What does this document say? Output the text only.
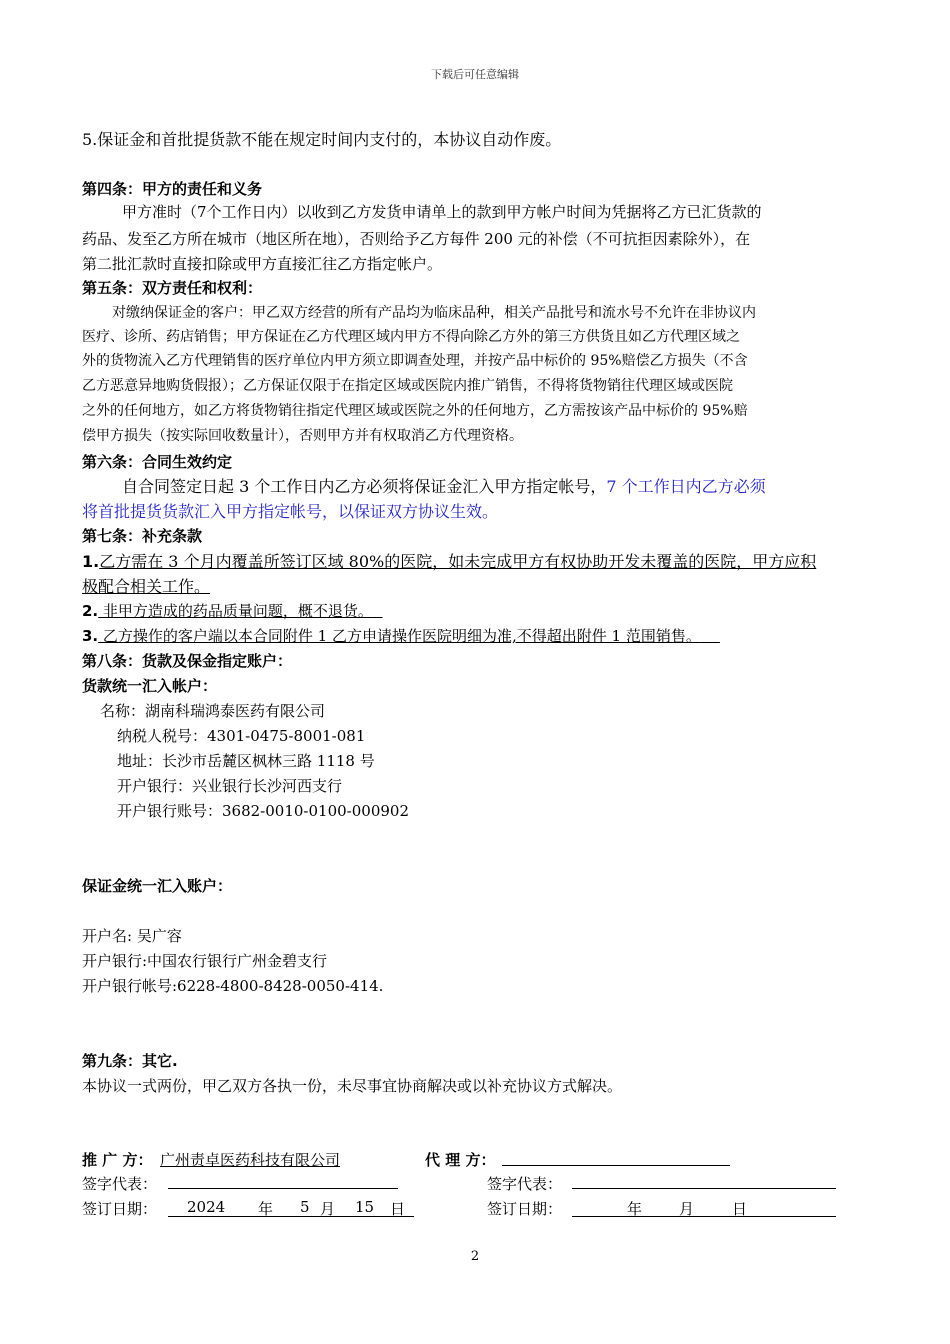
下载后可任意编辑
5.保证金和首批提货款不能在规定时间内支付的，本协议自动作废。
第四条：甲方的责任和义务
甲方准时（7个工作日内）以收到乙方发货申请单上的款到甲方帐户时间为凭据将乙方已汇货款的
药品、发至乙方所在城市（地区所在地），否则给予乙方每件 200 元的补偿（不可抗拒因素除外），在
第二批汇款时直接扣除或甲方直接汇往乙方指定帐户。
第五条：双方责任和权利：
对缴纳保证金的客户：甲乙双方经营的所有产品均为临床品种，相关产品批号和流水号不允许在非协议内
医疗、诊所、药店销售；甲方保证在乙方代理区域内甲方不得向除乙方外的第三方供货且如乙方代理区域之
外的货物流入乙方代理销售的医疗单位内甲方须立即调查处理，并按产品中标价的 95%赔偿乙方损失（不含
乙方恶意异地购货假报）；乙方保证仅限于在指定区域或医院内推广销售，不得将货物销往代理区域或医院
之外的任何地方，如乙方将货物销往指定代理区域或医院之外的任何地方，乙方需按该产品中标价的 95%赔
偿甲方损失（按实际回收数量计），否则甲方并有权取消乙方代理资格。
第六条：合同生效约定
自合同签定日起 3 个工作日内乙方必须将保证金汇入甲方指定帐号，7 个工作日内乙方必须
将首批提货货款汇入甲方指定帐号，以保证双方协议生效。
第七条：补充条款
1.乙方需在 3 个月内覆盖所签订区域 80%的医院，如未完成甲方有权协助开发未覆盖的医院，甲方应积
极配合相关工作。
2. 非甲方造成的药品质量问题，概不退货。
3. 乙方操作的客户端以本合同附件 1 乙方申请操作医院明细为准,不得超出附件 1 范围销售。
第八条：货款及保金指定账户：
货款统一汇入帐户：
名称：湖南科瑞鸿泰医药有限公司
纳税人税号：4301-0475-8001-081
地址：长沙市岳麓区枫林三路 1118 号
开户银行：兴业银行长沙河西支行
开户银行账号：3682-0010-0100-000902
保证金统一汇入账户：
开户名: 吴广容
开户银行:中国农行银行广州金碧支行
开户银行帐号:6228-4800-8428-0050-414.
第九条：其它.
本协议一式两份，甲乙双方各执一份，未尽事宜协商解决或以补充协议方式解决。
推 广 方： 广州责卓医药科技有限公司	代 理 方：
签字代表：	签字代表：
签订日期： 2024 年 5 月 15 日	签订日期：	年 月	日
2
